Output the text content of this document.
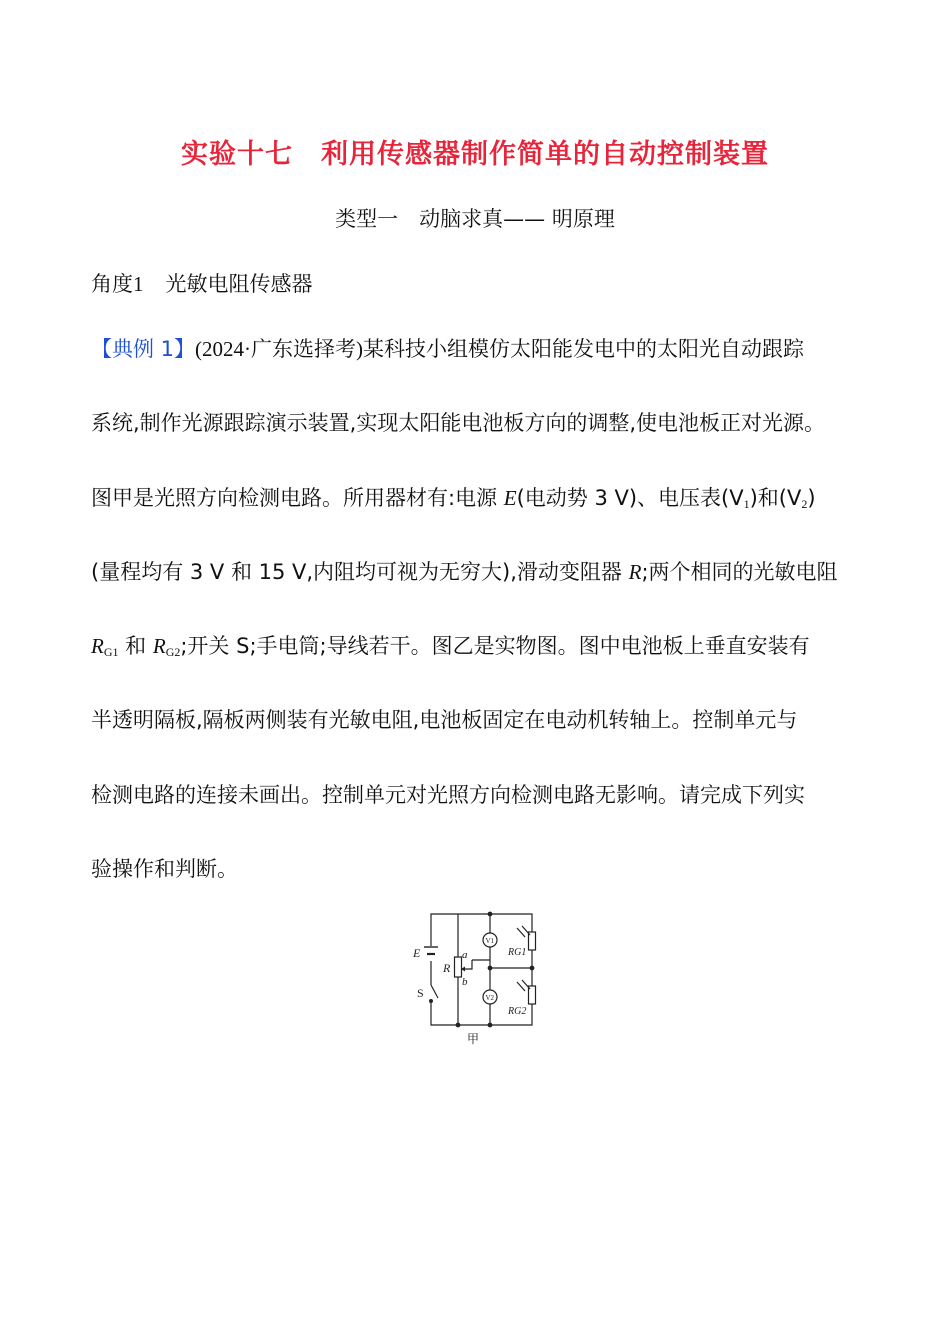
实验十七　利用传感器制作简单的自动控制装置
类型一　动脑求真—— 明原理
角度1 光敏电阻传感器
【典例 1】(2024·广东选择考)某科技小组模仿太阳能发电中的太阳光自动跟踪
系统,制作光源跟踪演示装置,实现太阳能电池板方向的调整,使电池板正对光源。
图甲是光照方向检测电路。所用器材有:电源 E(电动势 3 V)、电压表$(V_1)$和$(V_2)$
(量程均有 3 V 和 15 V,内阻均可视为无穷大),滑动变阻器 R;两个相同的光敏电阻
$R_{G1}$ 和 $R_{G2}$;开关 S;手电筒;导线若干。图乙是实物图。图中电池板上垂直安装有
半透明隔板,隔板两侧装有光敏电阻,电池板固定在电动机转轴上。控制单元与
检测电路的连接未画出。控制单元对光照方向检测电路无影响。请完成下列实
验操作和判断。
E
R
S
a
b
V1
V2
RG1
RG2
甲
